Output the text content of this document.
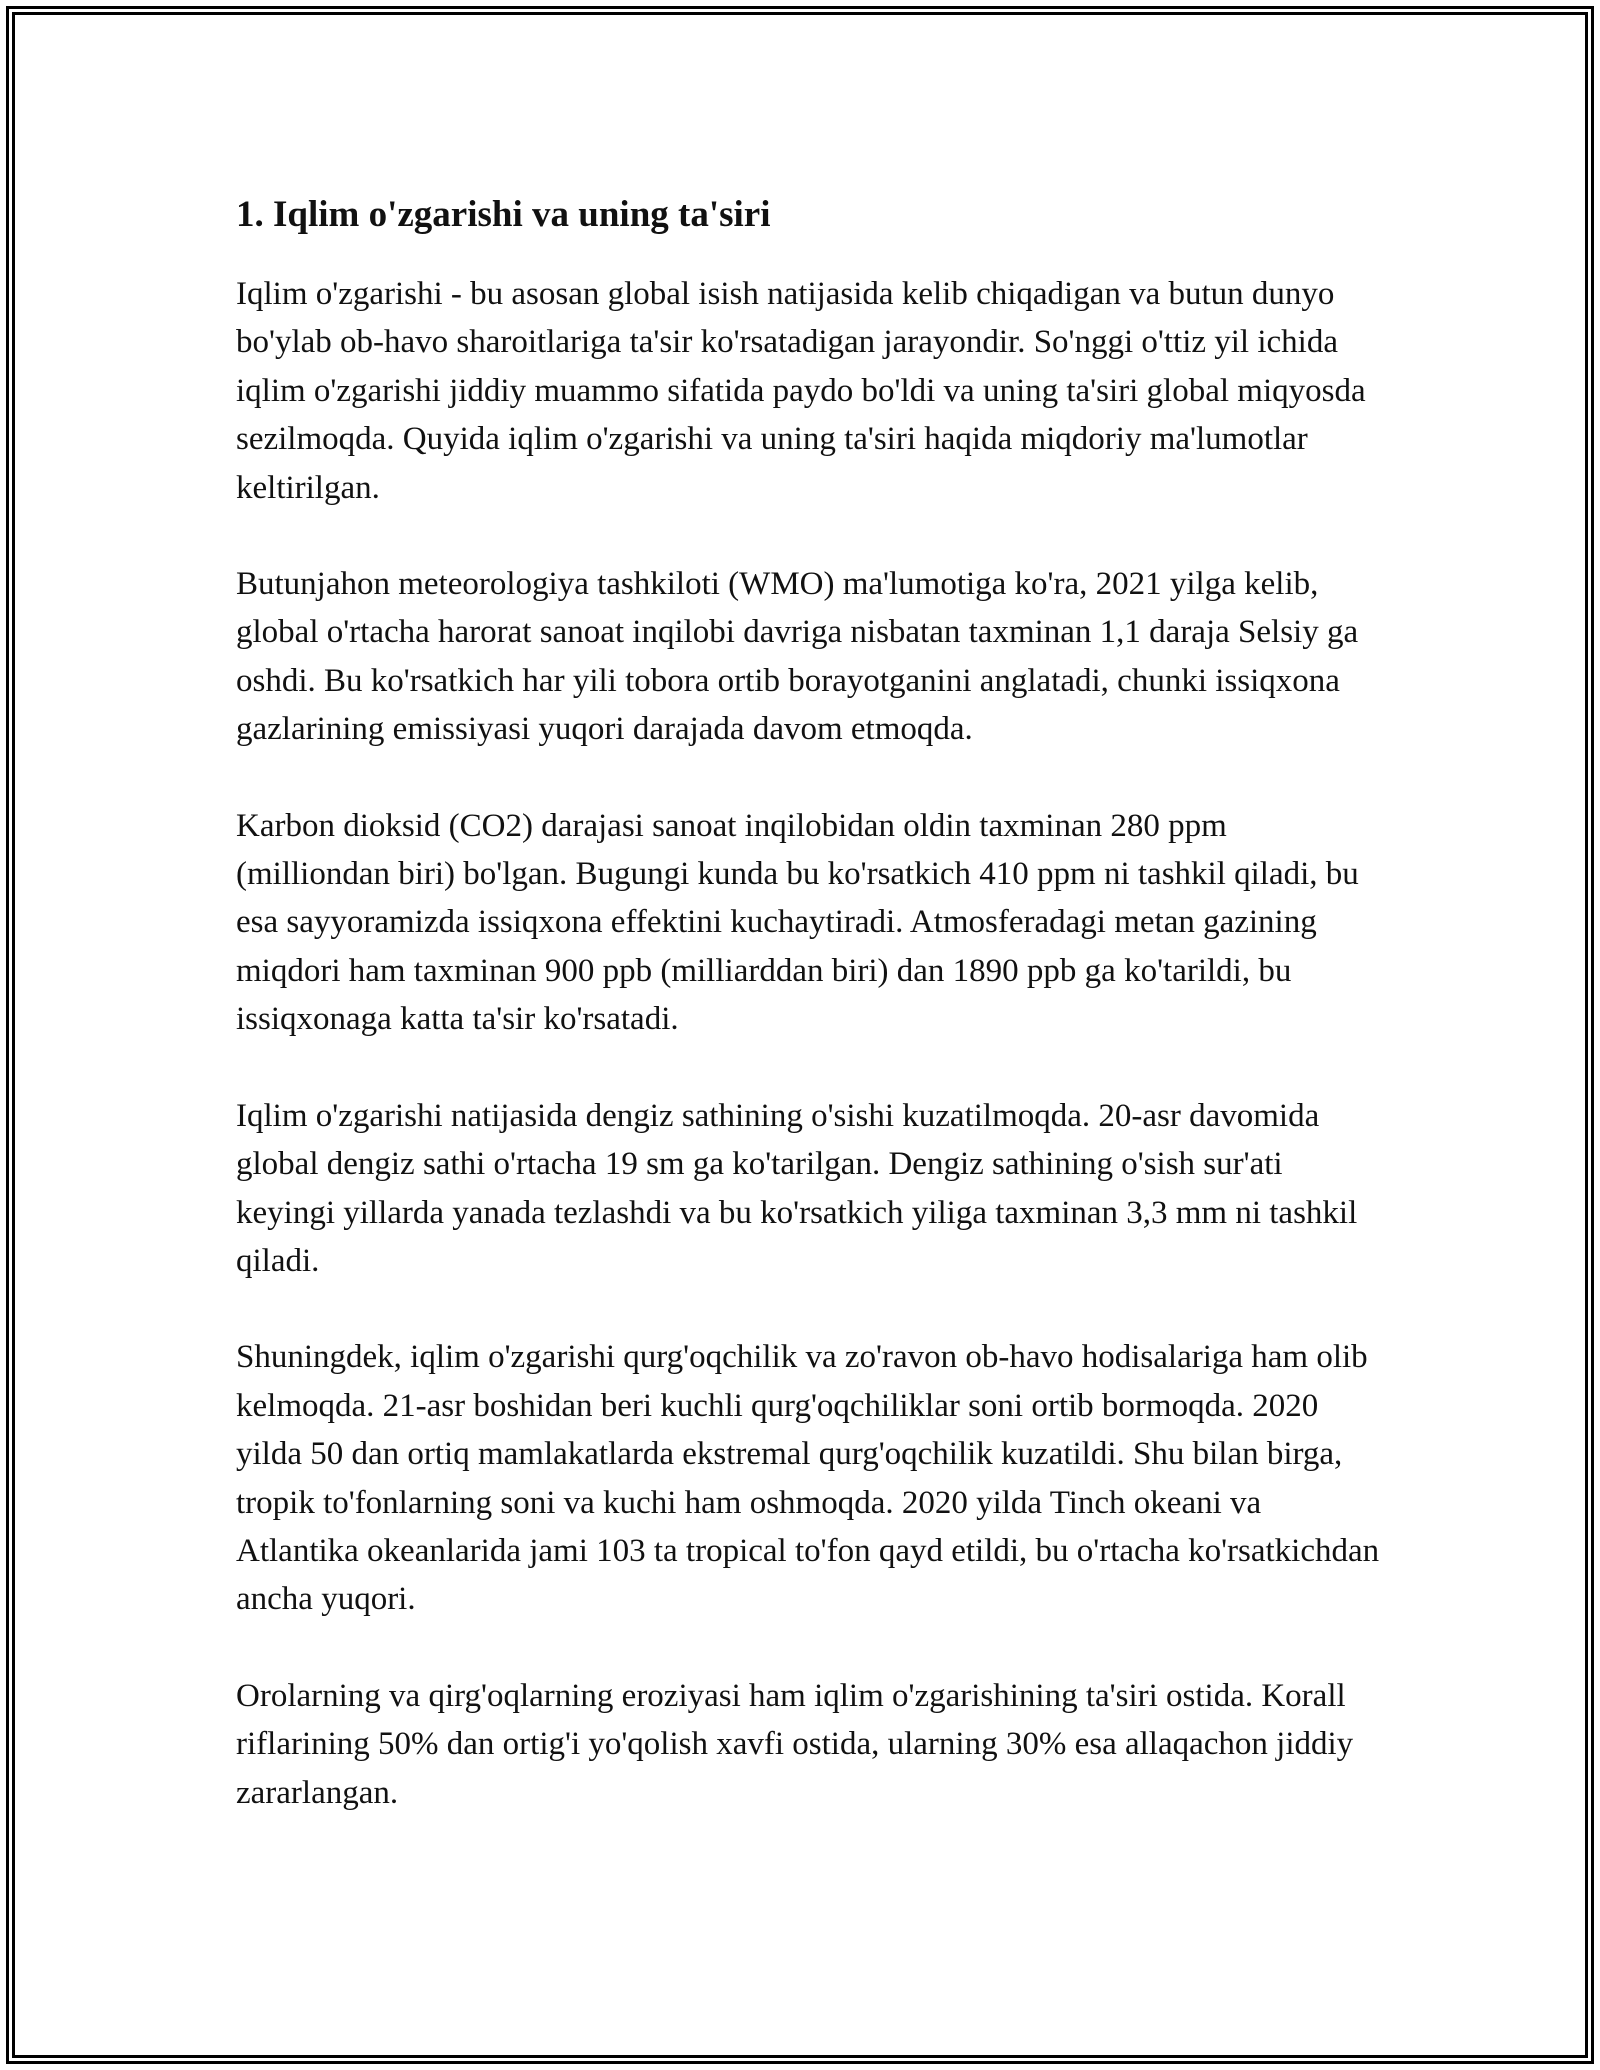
1. Iqlim o'zgarishi va uning ta'siri

Iqlim o'zgarishi - bu asosan global isish natijasida kelib chiqadigan va butun dunyo bo'ylab ob-havo sharoitlariga ta'sir ko'rsatadigan jarayondir. So'nggi o'ttiz yil ichida iqlim o'zgarishi jiddiy muammo sifatida paydo bo'ldi va uning ta'siri global miqyosda sezilmoqda. Quyida iqlim o'zgarishi va uning ta'siri haqida miqdoriy ma'lumotlar keltirilgan.

Butunjahon meteorologiya tashkiloti (WMO) ma'lumotiga ko'ra, 2021 yilga kelib, global o'rtacha harorat sanoat inqilobi davriga nisbatan taxminan 1,1 daraja Selsiy ga oshdi. Bu ko'rsatkich har yili tobora ortib borayotganini anglatadi, chunki issiqxona gazlarining emissiyasi yuqori darajada davom etmoqda.

Karbon dioksid (CO2) darajasi sanoat inqilobidan oldin taxminan 280 ppm (milliondan biri) bo'lgan. Bugungi kunda bu ko'rsatkich 410 ppm ni tashkil qiladi, bu esa sayyoramizda issiqxona effektini kuchaytiradi. Atmosferadagi metan gazining miqdori ham taxminan 900 ppb (milliarddan biri) dan 1890 ppb ga ko'tarildi, bu issiqxonaga katta ta'sir ko'rsatadi.

Iqlim o'zgarishi natijasida dengiz sathining o'sishi kuzatilmoqda. 20-asr davomida global dengiz sathi o'rtacha 19 sm ga ko'tarilgan. Dengiz sathining o'sish sur'ati keyingi yillarda yanada tezlashdi va bu ko'rsatkich yiliga taxminan 3,3 mm ni tashkil qiladi.

Shuningdek, iqlim o'zgarishi qurg'oqchilik va zo'ravon ob-havo hodisalariga ham olib kelmoqda. 21-asr boshidan beri kuchli qurg'oqchiliklar soni ortib bormoqda. 2020 yilda 50 dan ortiq mamlakatlarda ekstremal qurg'oqchilik kuzatildi. Shu bilan birga, tropik to'fonlarning soni va kuchi ham oshmoqda. 2020 yilda Tinch okeani va Atlantika okeanlarida jami 103 ta tropical to'fon qayd etildi, bu o'rtacha ko'rsatkichdan ancha yuqori.

Orolarning va qirg'oqlarning eroziyasi ham iqlim o'zgarishining ta'siri ostida. Korall riflarining 50% dan ortig'i yo'qolish xavfi ostida, ularning 30% esa allaqachon jiddiy zararlangan.
